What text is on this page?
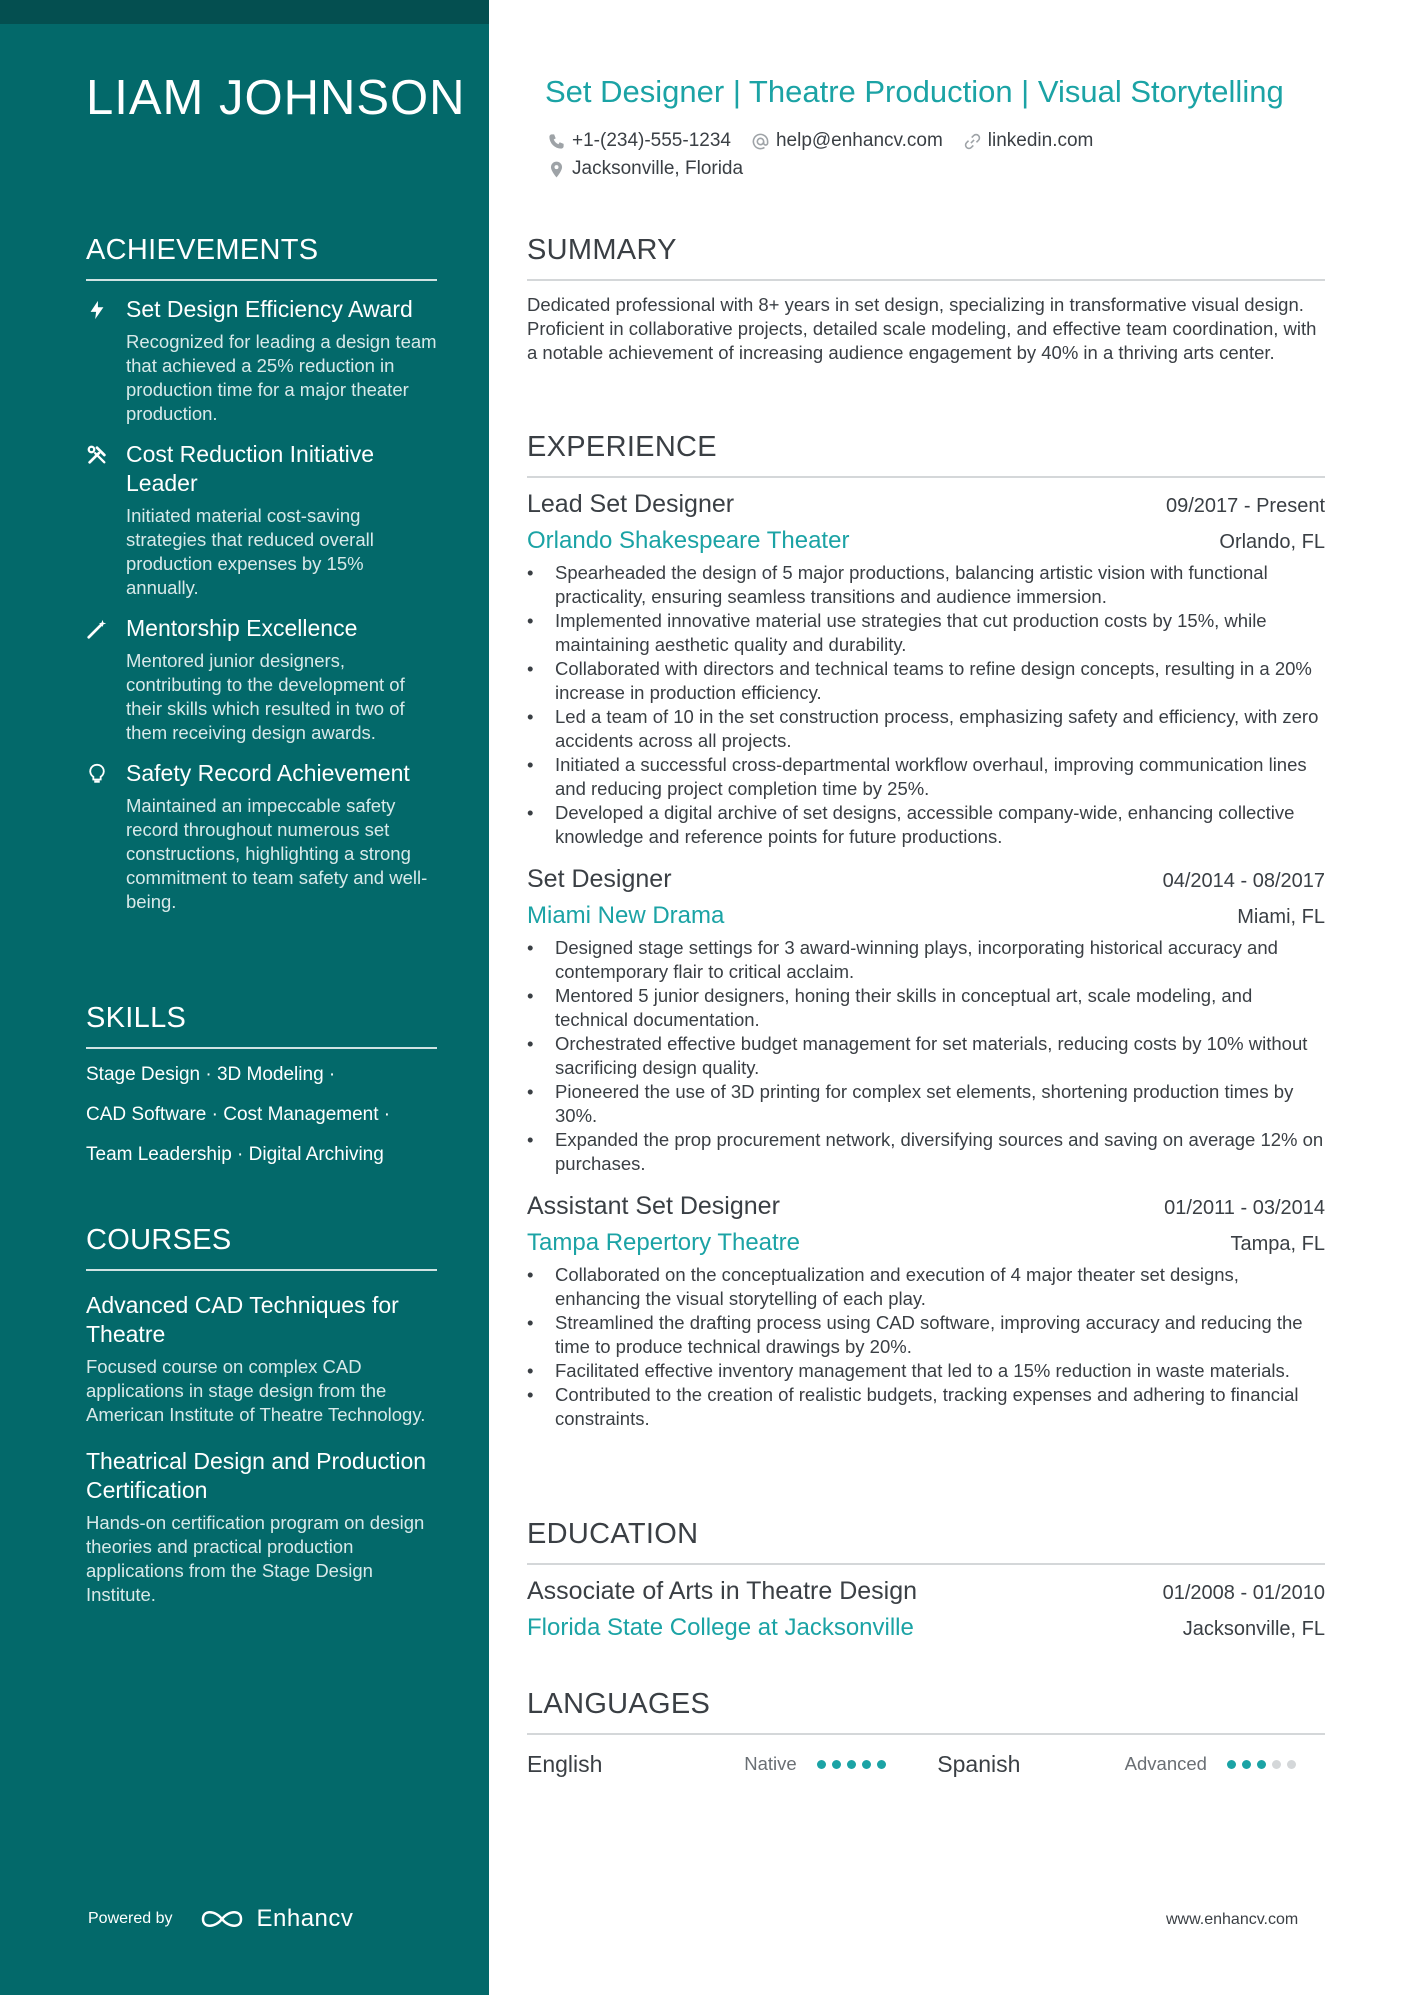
LIAM JOHNSON
ACHIEVEMENTS
Set Design Efficiency Award
Recognized for leading a design team that achieved a 25% reduction in production time for a major theater production.
Cost Reduction Initiative Leader
Initiated material cost-saving strategies that reduced overall production expenses by 15% annually.
Mentorship Excellence
Mentored junior designers, contributing to the development of their skills which resulted in two of them receiving design awards.
Safety Record Achievement
Maintained an impeccable safety record throughout numerous set constructions, highlighting a strong commitment to team safety and well-being.
SKILLS
Stage Design · 3D Modeling ·
CAD Software · Cost Management ·
Team Leadership · Digital Archiving
COURSES
Advanced CAD Techniques for Theatre
Focused course on complex CAD applications in stage design from the American Institute of Theatre Technology.
Theatrical Design and Production Certification
Hands-on certification program on design theories and practical production applications from the Stage Design Institute.
Powered by	Enhancv
Set Designer | Theatre Production | Visual Storytelling
+1-(234)-555-1234 help@enhancv.com linkedin.com
Jacksonville, Florida
SUMMARY
Dedicated professional with 8+ years in set design, specializing in transformative visual design. Proficient in collaborative projects, detailed scale modeling, and effective team coordination, with a notable achievement of increasing audience engagement by 40% in a thriving arts center.
EXPERIENCE
Lead Set Designer	09/2017 - Present
Orlando Shakespeare Theater	Orlando, FL
• Spearheaded the design of 5 major productions, balancing artistic vision with functional practicality, ensuring seamless transitions and audience immersion.
• Implemented innovative material use strategies that cut production costs by 15%, while maintaining aesthetic quality and durability.
• Collaborated with directors and technical teams to refine design concepts, resulting in a 20% increase in production efficiency.
• Led a team of 10 in the set construction process, emphasizing safety and efficiency, with zero accidents across all projects.
• Initiated a successful cross-departmental workflow overhaul, improving communication lines and reducing project completion time by 25%.
• Developed a digital archive of set designs, accessible company-wide, enhancing collective knowledge and reference points for future productions.
Set Designer	04/2014 - 08/2017
Miami New Drama	Miami, FL
• Designed stage settings for 3 award-winning plays, incorporating historical accuracy and contemporary flair to critical acclaim.
• Mentored 5 junior designers, honing their skills in conceptual art, scale modeling, and technical documentation.
• Orchestrated effective budget management for set materials, reducing costs by 10% without sacrificing design quality.
• Pioneered the use of 3D printing for complex set elements, shortening production times by 30%.
• Expanded the prop procurement network, diversifying sources and saving on average 12% on purchases.
Assistant Set Designer	01/2011 - 03/2014
Tampa Repertory Theatre	Tampa, FL
• Collaborated on the conceptualization and execution of 4 major theater set designs, enhancing the visual storytelling of each play.
• Streamlined the drafting process using CAD software, improving accuracy and reducing the time to produce technical drawings by 20%.
• Facilitated effective inventory management that led to a 15% reduction in waste materials.
• Contributed to the creation of realistic budgets, tracking expenses and adhering to financial constraints.
EDUCATION
Associate of Arts in Theatre Design	01/2008 - 01/2010
Florida State College at Jacksonville	Jacksonville, FL
LANGUAGES
English	Native	Spanish	Advanced
www.enhancv.com
